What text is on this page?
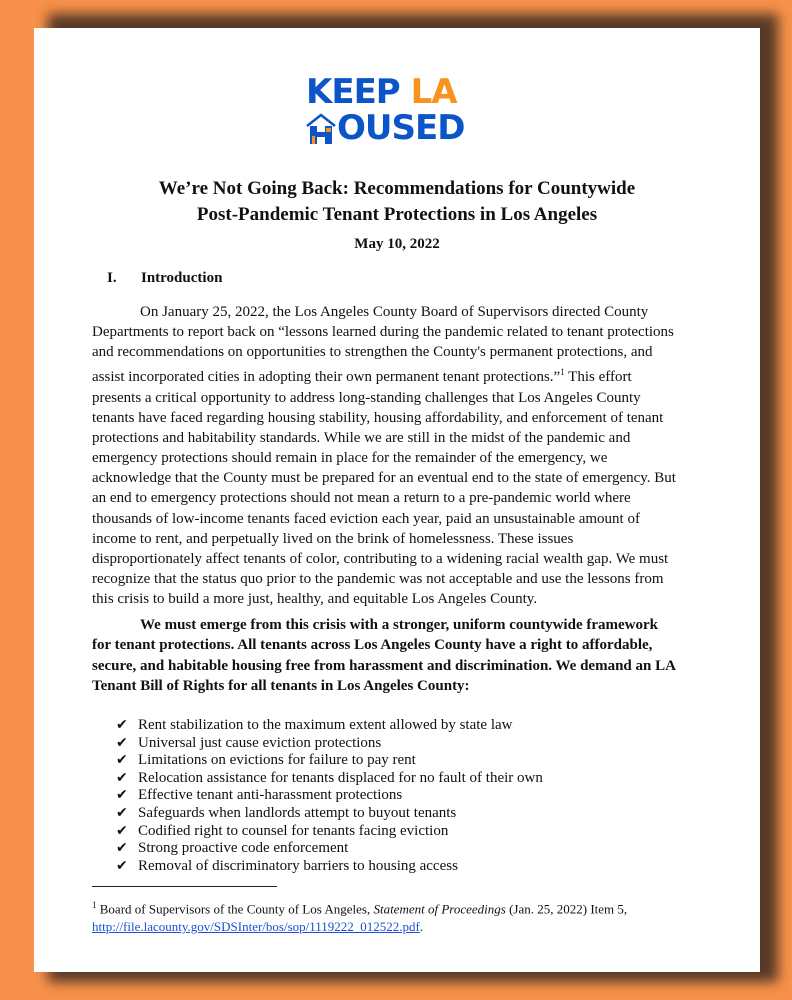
KEEP LA
OUSED
We’re Not Going Back: Recommendations for Countywide
Post-Pandemic Tenant Protections in Los Angeles
May 10, 2022
I. Introduction
On January 25, 2022, the Los Angeles County Board of Supervisors directed County
Departments to report back on “lessons learned during the pandemic related to tenant protections
and recommendations on opportunities to strengthen the County's permanent protections, and
assist incorporated cities in adopting their own permanent tenant protections.”$^1$ This effort
presents a critical opportunity to address long-standing challenges that Los Angeles County
tenants have faced regarding housing stability, housing affordability, and enforcement of tenant
protections and habitability standards. While we are still in the midst of the pandemic and
emergency protections should remain in place for the remainder of the emergency, we
acknowledge that the County must be prepared for an eventual end to the state of emergency. But
an end to emergency protections should not mean a return to a pre-pandemic world where
thousands of low-income tenants faced eviction each year, paid an unsustainable amount of
income to rent, and perpetually lived on the brink of homelessness. These issues
disproportionately affect tenants of color, contributing to a widening racial wealth gap. We must
recognize that the status quo prior to the pandemic was not acceptable and use the lessons from
this crisis to build a more just, healthy, and equitable Los Angeles County.
We must emerge from this crisis with a stronger, uniform countywide framework
for tenant protections. All tenants across Los Angeles County have a right to affordable,
secure, and habitable housing free from harassment and discrimination. We demand an LA
Tenant Bill of Rights for all tenants in Los Angeles County:
✔ Rent stabilization to the maximum extent allowed by state law
✔ Universal just cause eviction protections
✔ Limitations on evictions for failure to pay rent
✔ Relocation assistance for tenants displaced for no fault of their own
✔ Effective tenant anti-harassment protections
✔ Safeguards when landlords attempt to buyout tenants
✔ Codified right to counsel for tenants facing eviction
✔ Strong proactive code enforcement
✔ Removal of discriminatory barriers to housing access
$^1$ Board of Supervisors of the County of Los Angeles, Statement of Proceedings (Jan. 25, 2022) Item 5,
http://file.lacounty.gov/SDSInter/bos/sop/1119222_012522.pdf.
